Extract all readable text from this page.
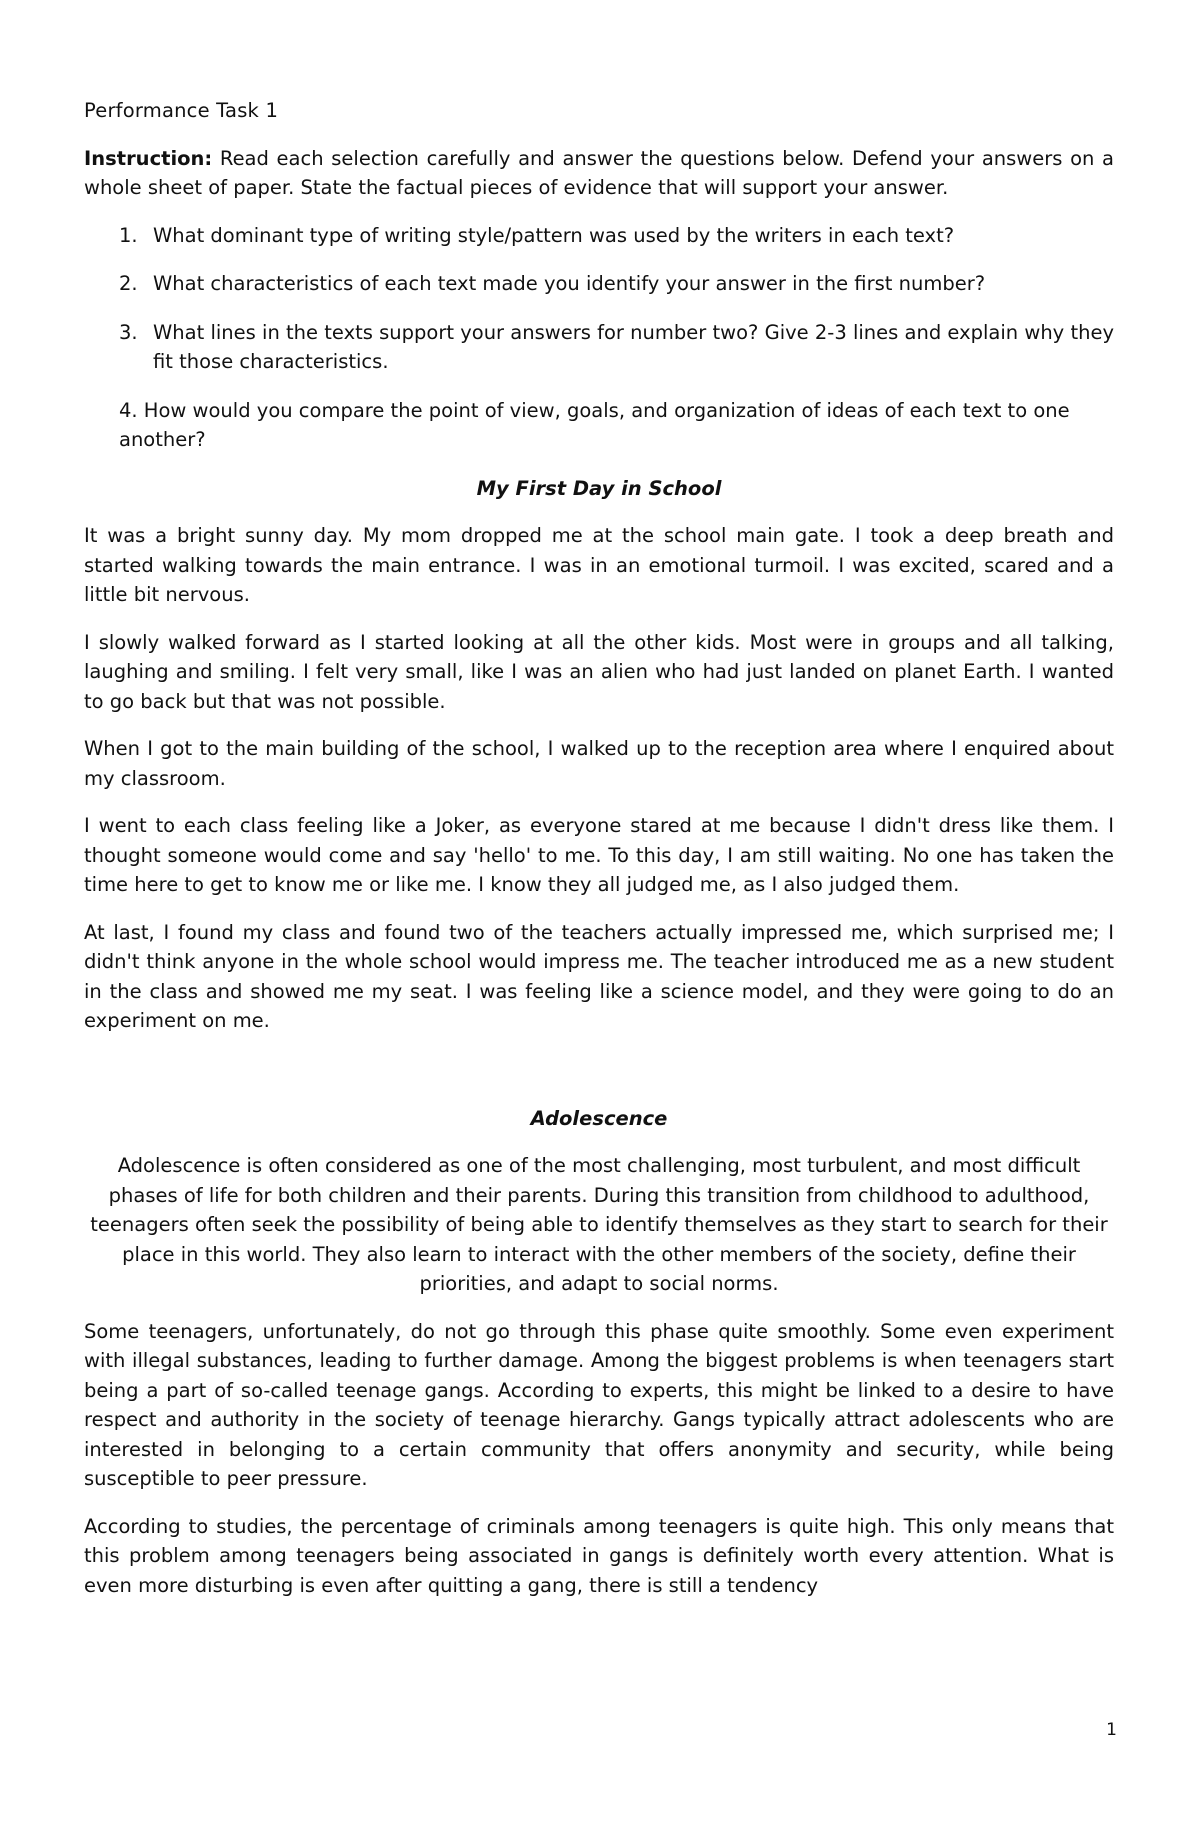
Performance Task 1

Instruction: Read each selection carefully and answer the questions below. Defend your answers on a whole sheet of paper. State the factual pieces of evidence that will support your answer.

1. What dominant type of writing style/pattern was used by the writers in each text?
2. What characteristics of each text made you identify your answer in the first number?
3. What lines in the texts support your answers for number two? Give 2-3 lines and explain why they fit those characteristics.

4. How would you compare the point of view, goals, and organization of ideas of each text to one another?

My First Day in School

It was a bright sunny day. My mom dropped me at the school main gate. I took a deep breath and started walking towards the main entrance. I was in an emotional turmoil. I was excited, scared and a little bit nervous.

I slowly walked forward as I started looking at all the other kids. Most were in groups and all talking, laughing and smiling. I felt very small, like I was an alien who had just landed on planet Earth. I wanted to go back but that was not possible.

When I got to the main building of the school, I walked up to the reception area where I enquired about my classroom.

I went to each class feeling like a Joker, as everyone stared at me because I didn't dress like them. I thought someone would come and say 'hello' to me. To this day, I am still waiting. No one has taken the time here to get to know me or like me. I know they all judged me, as I also judged them.

At last, I found my class and found two of the teachers actually impressed me, which surprised me; I didn't think anyone in the whole school would impress me. The teacher introduced me as a new student in the class and showed me my seat. I was feeling like a science model, and they were going to do an experiment on me.

Adolescence

Adolescence is often considered as one of the most challenging, most turbulent, and most difficult phases of life for both children and their parents. During this transition from childhood to adulthood, teenagers often seek the possibility of being able to identify themselves as they start to search for their place in this world. They also learn to interact with the other members of the society, define their priorities, and adapt to social norms.

Some teenagers, unfortunately, do not go through this phase quite smoothly. Some even experiment with illegal substances, leading to further damage. Among the biggest problems is when teenagers start being a part of so-called teenage gangs. According to experts, this might be linked to a desire to have respect and authority in the society of teenage hierarchy. Gangs typically attract adolescents who are interested in belonging to a certain community that offers anonymity and security, while being susceptible to peer pressure.

According to studies, the percentage of criminals among teenagers is quite high. This only means that this problem among teenagers being associated in gangs is definitely worth every attention. What is even more disturbing is even after quitting a gang, there is still a tendency

1
